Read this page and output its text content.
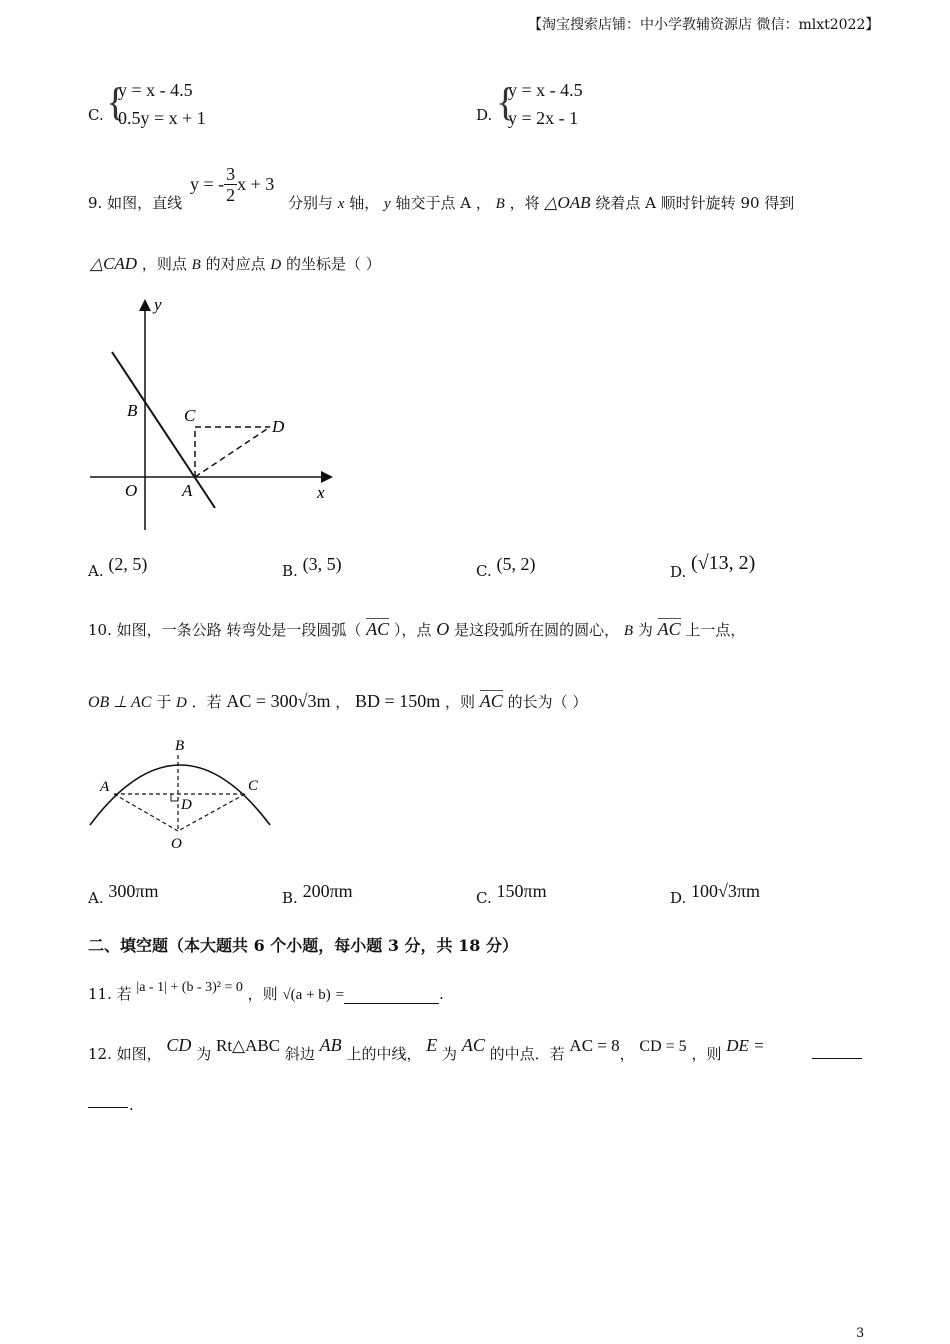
【淘宝搜索店铺：中小学教辅资源店 微信：mlxt2022】
C. {
y = x - 4.5
0.5y = x + 1	D. {
y = x - 4.5
y = 2x - 1
9. 如图，直线
y = - $\frac{3}{2}$ x + 3
分别与 x 轴， y 轴交于点 A ， B ，将 △OAB 绕着点 A 顺时针旋转 90 得到
△CAD ，则点 B 的对应点 D 的坐标是（ ）
y
x
B	C
D
O	A
A. (2, 5)	B. (3, 5)	C. (5, 2)	D. (√13, 2)
10. 如图，一条公路 转弯处是一段圆弧（ AC ），点 O 是这段弧所在圆的圆心， B 为 AC 上一点，
OB ⊥ AC 于 D ．若 AC = 300√3m ， BD = 150m ，则 AC 的长为（ ）
B
A	C
D
O
A. 300πm	B. 200πm	C. 150πm	D. 100√3πm
二、填空题（本大题共 6 个小题，每小题 3 分，共 18 分）
11. 若 |a - 1| + (b - 3)² = 0 ，则 √(a + b) =	.
12. 如图， CD 为 Rt△ABC 斜边 AB 上的中线， E 为 AC 的中点．若 AC = 8， CD = 5 ，则 DE =
.
3
